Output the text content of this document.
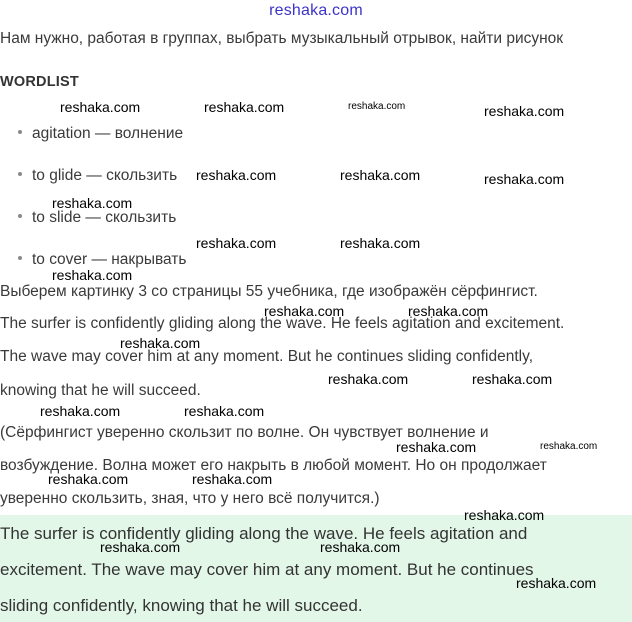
reshaka.com
Нам нужно, работая в группах, выбрать музыкальный отрывок, найти рисунок
WORDLIST
agitation — волнение
to glide — скользить
to slide — скользить
to cover — накрывать
Выберем картинку 3 со страницы 55 учебника, где изображён сёрфингист.
The surfer is confidently gliding along the wave. He feels agitation and excitement.
The wave may cover him at any moment. But he continues sliding confidently,
knowing that he will succeed.
(Сёрфингист уверенно скользит по волне. Он чувствует волнение и
возбуждение. Волна может его накрыть в любой момент. Но он продолжает
уверенно скользить, зная, что у него всё получится.)
The surfer is confidently gliding along the wave. He feels agitation and
excitement. The wave may cover him at any moment. But he continues
sliding confidently, knowing that he will succeed.
reshaka.com	reshaka.com	reshaka.com	reshaka.com
reshaka.com	reshaka.com	reshaka.com
reshaka.com
reshaka.com	reshaka.com
reshaka.com
reshaka.com	reshaka.com
reshaka.com
reshaka.com	reshaka.com
reshaka.com	reshaka.com
reshaka.com	reshaka.com
reshaka.com	reshaka.com
reshaka.com
reshaka.com	reshaka.com
reshaka.com
